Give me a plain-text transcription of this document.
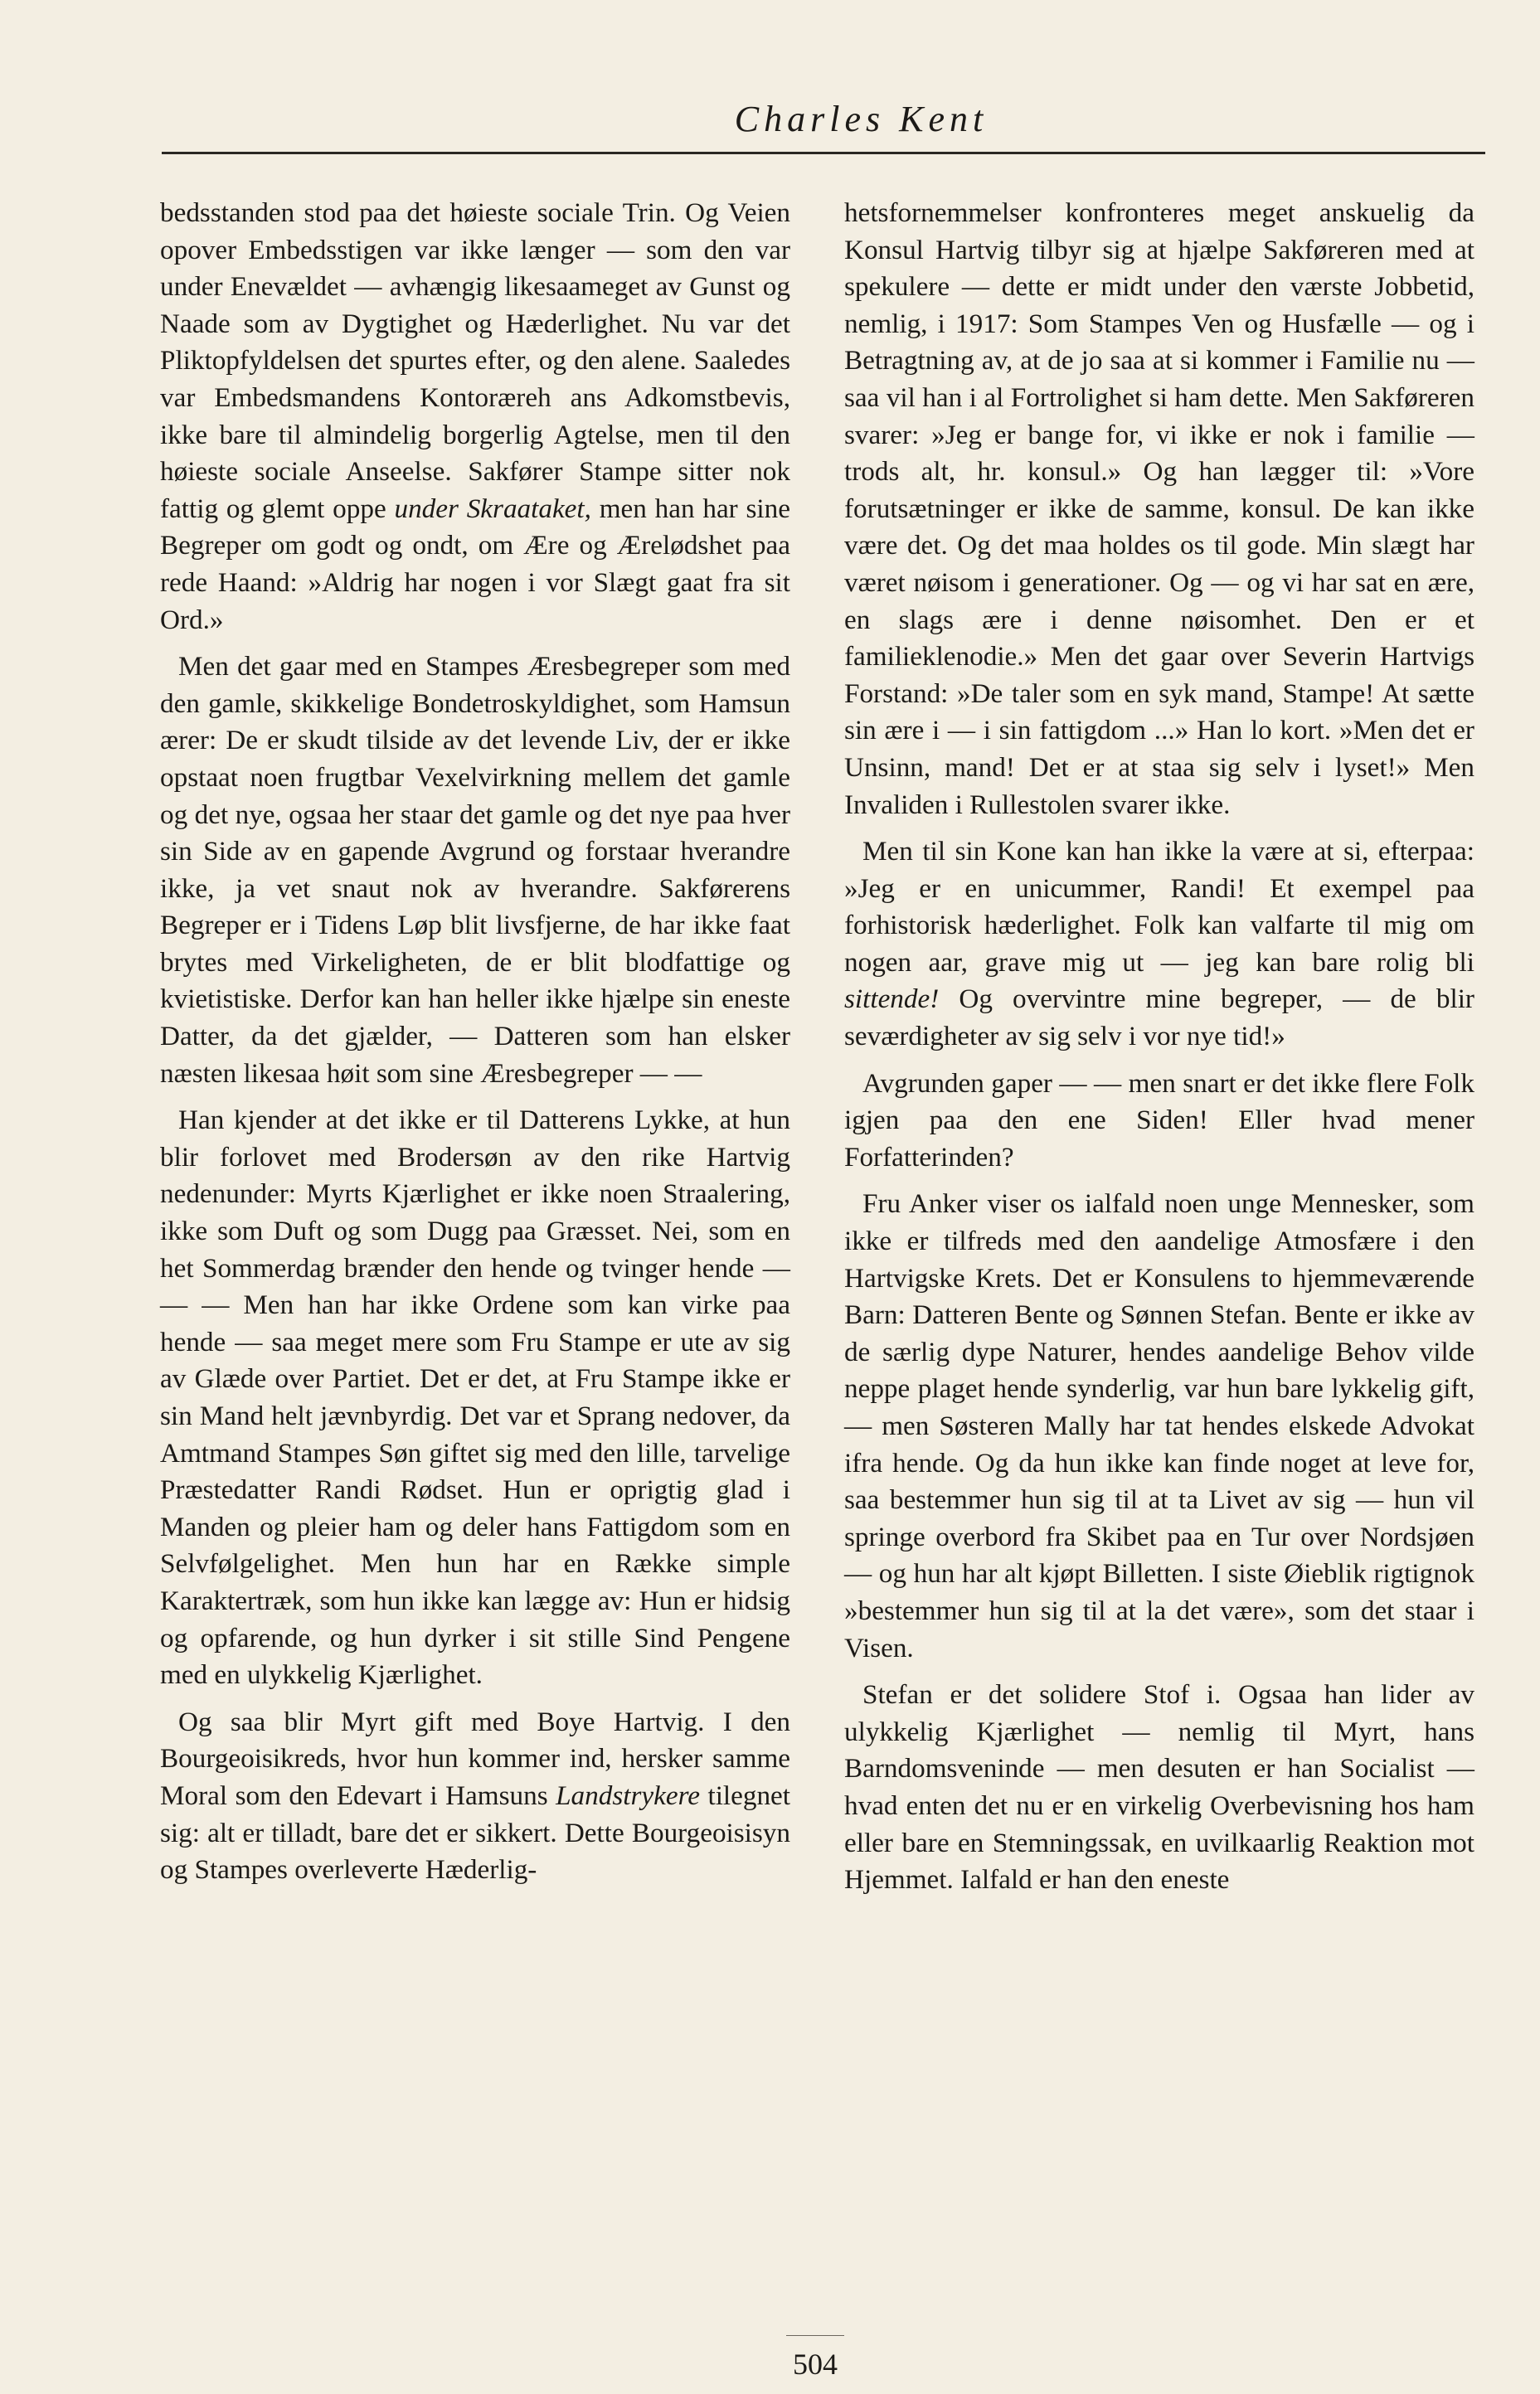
Charles Kent

bedsstanden stod paa det høieste sociale Trin. Og Veien opover Embedsstigen var ikke længer — som den var under Enevældet — avhængig likesaameget av Gunst og Naade som av Dygtighet og Hæderlighet. Nu var det Pliktopfyldelsen det spurtes efter, og den alene. Saaledes var Embedsmandens Kontoræreh ans Adkomstbevis, ikke bare til almindelig borgerlig Agtelse, men til den høieste sociale Anseelse. Sakfører Stampe sitter nok fattig og glemt oppe under Skraataket, men han har sine Begreper om godt og ondt, om Ære og Ærelødshet paa rede Haand: »Aldrig har nogen i vor Slægt gaat fra sit Ord.»

Men det gaar med en Stampes Æresbegreper som med den gamle, skikkelige Bondetroskyldighet, som Hamsun ærer: De er skudt tilside av det levende Liv, der er ikke opstaat noen frugtbar Vexelvirkning mellem det gamle og det nye, ogsaa her staar det gamle og det nye paa hver sin Side av en gapende Avgrund og forstaar hverandre ikke, ja vet snaut nok av hverandre. Sakførerens Begreper er i Tidens Løp blit livsfjerne, de har ikke faat brytes med Virkeligheten, de er blit blodfattige og kvietistiske. Derfor kan han heller ikke hjælpe sin eneste Datter, da det gjælder, — Datteren som han elsker næsten likesaa høit som sine Æresbegreper — —

Han kjender at det ikke er til Datterens Lykke, at hun blir forlovet med Brodersøn av den rike Hartvig nedenunder: Myrts Kjærlighet er ikke noen Straalering, ikke som Duft og som Dugg paa Græsset. Nei, som en het Sommerdag brænder den hende og tvinger hende — — — Men han har ikke Ordene som kan virke paa hende — saa meget mere som Fru Stampe er ute av sig av Glæde over Partiet. Det er det, at Fru Stampe ikke er sin Mand helt jævnbyrdig. Det var et Sprang nedover, da Amtmand Stampes Søn giftet sig med den lille, tarvelige Præstedatter Randi Rødset. Hun er oprigtig glad i Manden og pleier ham og deler hans Fattigdom som en Selvfølgelighet. Men hun har en Række simple Karaktertræk, som hun ikke kan lægge av: Hun er hidsig og opfarende, og hun dyrker i sit stille Sind Pengene med en ulykkelig Kjærlighet.

Og saa blir Myrt gift med Boye Hartvig. I den Bourgeoisikreds, hvor hun kommer ind, hersker samme Moral som den Edevart i Hamsuns Landstrykere tilegnet sig: alt er tilladt, bare det er sikkert. Dette Bourgeoisisyn og Stampes overleverte Hæderlig-

hetsfornemmelser konfronteres meget anskuelig da Konsul Hartvig tilbyr sig at hjælpe Sakføreren med at spekulere — dette er midt under den værste Jobbetid, nemlig, i 1917: Som Stampes Ven og Husfælle — og i Betragtning av, at de jo saa at si kommer i Familie nu — saa vil han i al Fortrolighet si ham dette. Men Sakføreren svarer: »Jeg er bange for, vi ikke er nok i familie — trods alt, hr. konsul.» Og han lægger til: »Vore forutsætninger er ikke de samme, konsul. De kan ikke være det. Og det maa holdes os til gode. Min slægt har været nøisom i generationer. Og — og vi har sat en ære, en slags ære i denne nøisomhet. Den er et familieklenodie.» Men det gaar over Severin Hartvigs Forstand: »De taler som en syk mand, Stampe! At sætte sin ære i — i sin fattigdom ...» Han lo kort. »Men det er Unsinn, mand! Det er at staa sig selv i lyset!» Men Invaliden i Rullestolen svarer ikke.

Men til sin Kone kan han ikke la være at si, efterpaa: »Jeg er en unicummer, Randi! Et exempel paa forhistorisk hæderlighet. Folk kan valfarte til mig om nogen aar, grave mig ut — jeg kan bare rolig bli sittende! Og overvintre mine begreper, — de blir seværdigheter av sig selv i vor nye tid!»

Avgrunden gaper — — men snart er det ikke flere Folk igjen paa den ene Siden! Eller hvad mener Forfatterinden?

Fru Anker viser os ialfald noen unge Mennesker, som ikke er tilfreds med den aandelige Atmosfære i den Hartvigske Krets. Det er Konsulens to hjemmeværende Barn: Datteren Bente og Sønnen Stefan. Bente er ikke av de særlig dype Naturer, hendes aandelige Behov vilde neppe plaget hende synderlig, var hun bare lykkelig gift, — men Søsteren Mally har tat hendes elskede Advokat ifra hende. Og da hun ikke kan finde noget at leve for, saa bestemmer hun sig til at ta Livet av sig — hun vil springe overbord fra Skibet paa en Tur over Nordsjøen — og hun har alt kjøpt Billetten. I siste Øieblik rigtignok »bestemmer hun sig til at la det være», som det staar i Visen.

Stefan er det solidere Stof i. Ogsaa han lider av ulykkelig Kjærlighet — nemlig til Myrt, hans Barndomsveninde — men desuten er han Socialist — hvad enten det nu er en virkelig Overbevisning hos ham eller bare en Stemningssak, en uvilkaarlig Reaktion mot Hjemmet. Ialfald er han den eneste

504
